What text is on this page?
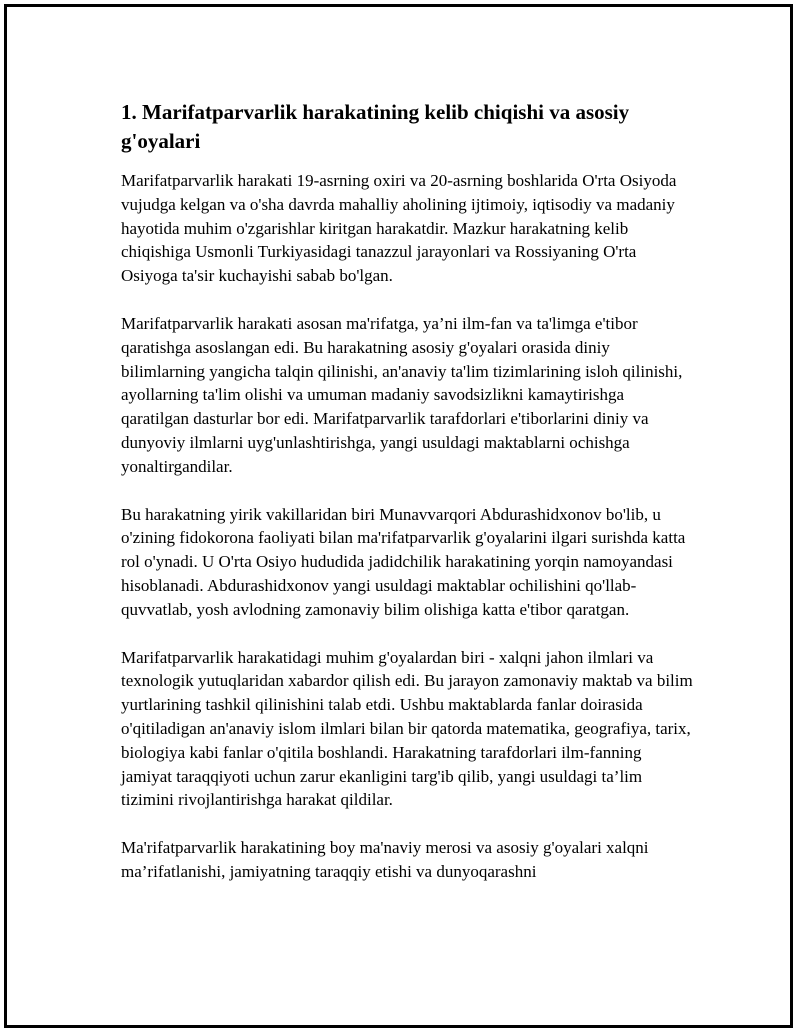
1. Marifatparvarlik harakatining kelib chiqishi va asosiy g'oyalari

Marifatparvarlik harakati 19-asrning oxiri va 20-asrning boshlarida O'rta Osiyoda vujudga kelgan va o'sha davrda mahalliy aholining ijtimoiy, iqtisodiy va madaniy hayotida muhim o'zgarishlar kiritgan harakatdir. Mazkur harakatning kelib chiqishiga Usmonli Turkiyasidagi tanazzul jarayonlari va Rossiyaning O'rta Osiyoga ta'sir kuchayishi sabab bo'lgan.

Marifatparvarlik harakati asosan ma'rifatga, ya’ni ilm-fan va ta'limga e'tibor qaratishga asoslangan edi. Bu harakatning asosiy g'oyalari orasida diniy bilimlarning yangicha talqin qilinishi, an'anaviy ta'lim tizimlarining isloh qilinishi, ayollarning ta'lim olishi va umuman madaniy savodsizlikni kamaytirishga qaratilgan dasturlar bor edi. Marifatparvarlik tarafdorlari e'tiborlarini diniy va dunyoviy ilmlarni uyg'unlashtirishga, yangi usuldagi maktablarni ochishga yonaltirgandilar.

Bu harakatning yirik vakillaridan biri Munavvarqori Abdurashidxonov bo'lib, u o'zining fidokorona faoliyati bilan ma'rifatparvarlik g'oyalarini ilgari surishda katta rol o'ynadi. U O'rta Osiyo hududida jadidchilik harakatining yorqin namoyandasi hisoblanadi. Abdurashidxonov yangi usuldagi maktablar ochilishini qo'llab-quvvatlab, yosh avlodning zamonaviy bilim olishiga katta e'tibor qaratgan.

Marifatparvarlik harakatidagi muhim g'oyalardan biri - xalqni jahon ilmlari va texnologik yutuqlaridan xabardor qilish edi. Bu jarayon zamonaviy maktab va bilim yurtlarining tashkil qilinishini talab etdi. Ushbu maktablarda fanlar doirasida o'qitiladigan an'anaviy islom ilmlari bilan bir qatorda matematika, geografiya, tarix, biologiya kabi fanlar o'qitila boshlandi. Harakatning tarafdorlari ilm-fanning jamiyat taraqqiyoti uchun zarur ekanligini targ'ib qilib, yangi usuldagi ta’lim tizimini rivojlantirishga harakat qildilar.

Ma'rifatparvarlik harakatining boy ma'naviy merosi va asosiy g'oyalari xalqni ma’rifatlanishi, jamiyatning taraqqiy etishi va dunyoqarashni
